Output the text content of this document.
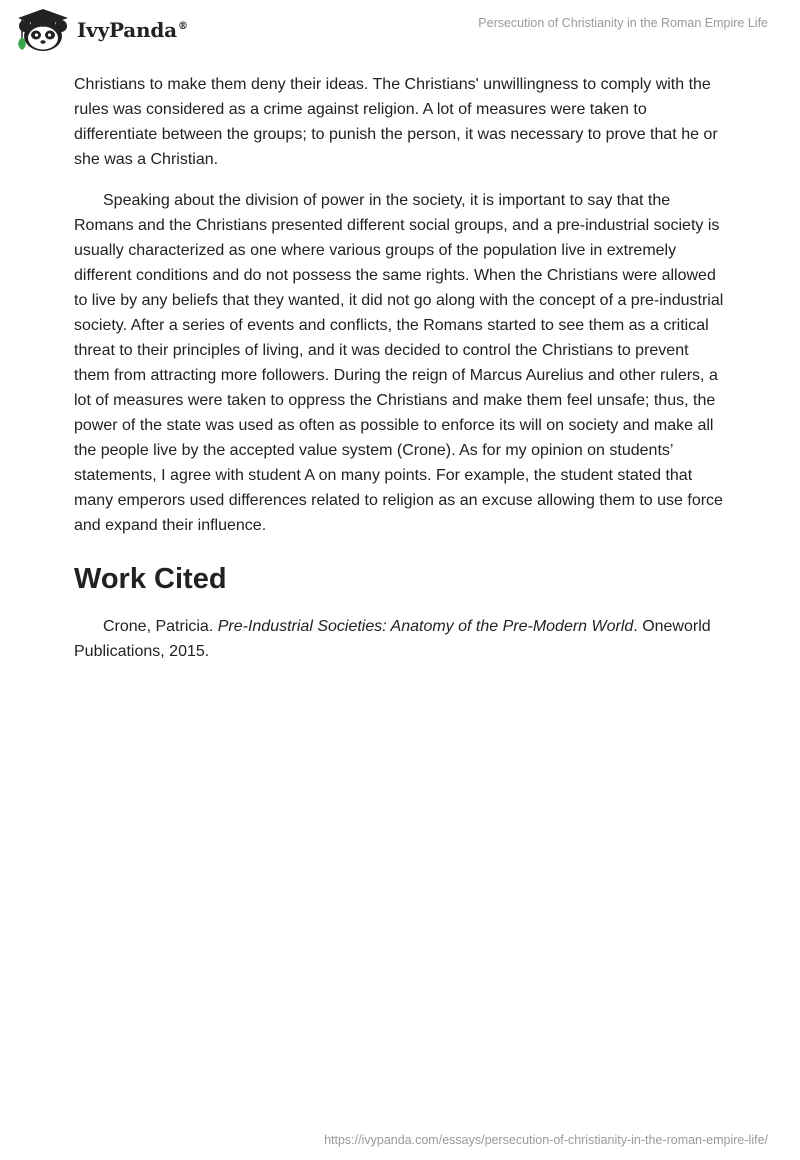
IvyPanda®	Persecution of Christianity in the Roman Empire Life

Christians to make them deny their ideas. The Christians' unwillingness to comply with the rules was considered as a crime against religion. A lot of measures were taken to differentiate between the groups; to punish the person, it was necessary to prove that he or she was a Christian.

Speaking about the division of power in the society, it is important to say that the Romans and the Christians presented different social groups, and a pre-industrial society is usually characterized as one where various groups of the population live in extremely different conditions and do not possess the same rights. When the Christians were allowed to live by any beliefs that they wanted, it did not go along with the concept of a pre-industrial society. After a series of events and conflicts, the Romans started to see them as a critical threat to their principles of living, and it was decided to control the Christians to prevent them from attracting more followers. During the reign of Marcus Aurelius and other rulers, a lot of measures were taken to oppress the Christians and make them feel unsafe; thus, the power of the state was used as often as possible to enforce its will on society and make all the people live by the accepted value system (Crone). As for my opinion on students’ statements, I agree with student A on many points. For example, the student stated that many emperors used differences related to religion as an excuse allowing them to use force and expand their influence.

Work Cited

Crone, Patricia. Pre-Industrial Societies: Anatomy of the Pre-Modern World. Oneworld Publications, 2015.

https://ivypanda.com/essays/persecution-of-christianity-in-the-roman-empire-life/
